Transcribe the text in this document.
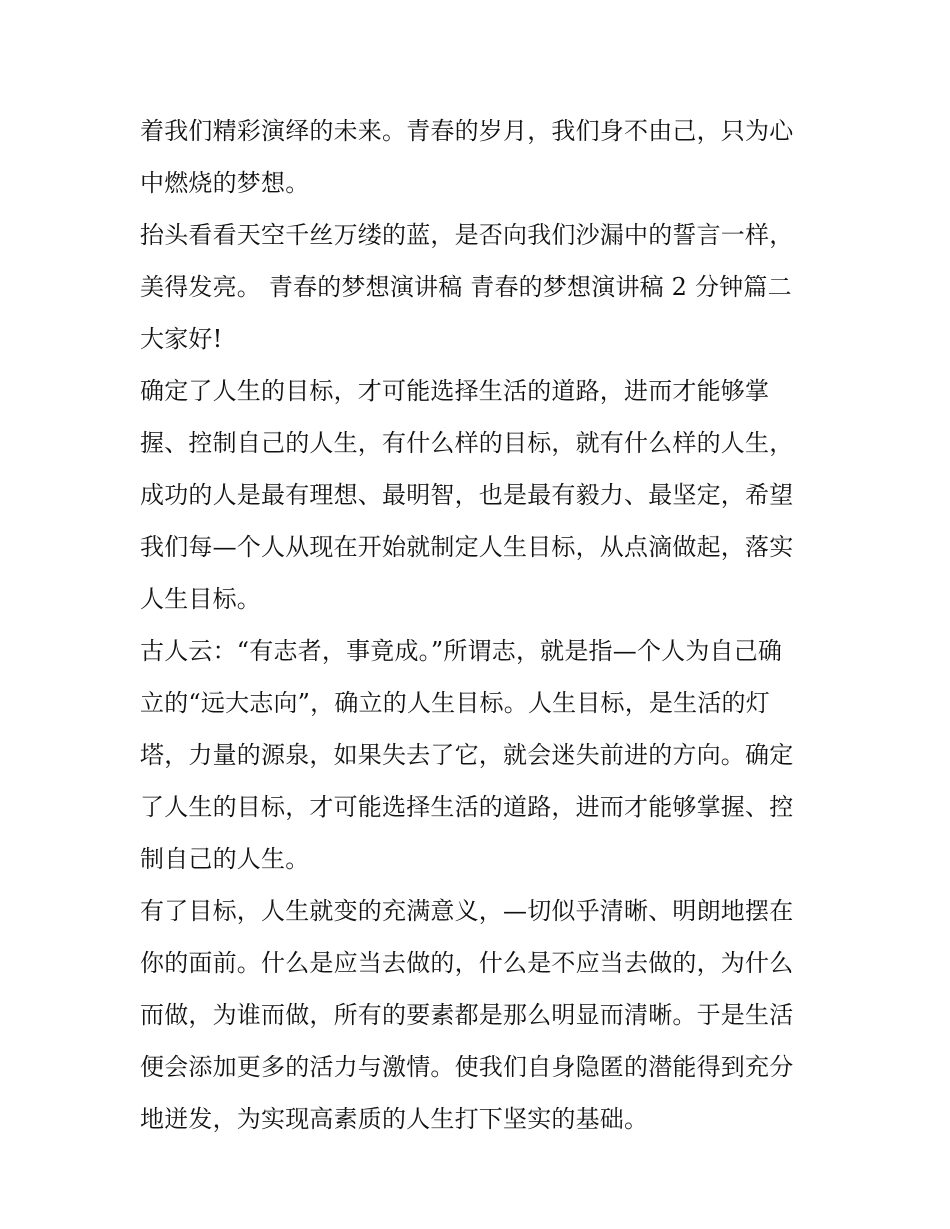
着我们精彩演绎的未来。青春的岁月，我们身不由己，只为心
中燃烧的梦想。
抬头看看天空千丝万缕的蓝，是否向我们沙漏中的誓言一样，
美得发亮。 青春的梦想演讲稿 青春的梦想演讲稿 2 分钟篇二
大家好!
确定了人生的目标，才可能选择生活的道路，进而才能够掌
握、控制自己的人生，有什么样的目标，就有什么样的人生，
成功的人是最有理想、最明智，也是最有毅力、最坚定，希望
我们每—个人从现在开始就制定人生目标，从点滴做起，落实
人生目标。
古人云：“有志者，事竟成。”所谓志，就是指—个人为自己确
立的“远大志向”，确立的人生目标。人生目标，是生活的灯
塔，力量的源泉，如果失去了它，就会迷失前进的方向。确定
了人生的目标，才可能选择生活的道路，进而才能够掌握、控
制自己的人生。
有了目标，人生就变的充满意义，—切似乎清晰、明朗地摆在
你的面前。什么是应当去做的，什么是不应当去做的，为什么
而做，为谁而做，所有的要素都是那么明显而清晰。于是生活
便会添加更多的活力与激情。使我们自身隐匿的潜能得到充分
地迸发，为实现高素质的人生打下坚实的基础。
